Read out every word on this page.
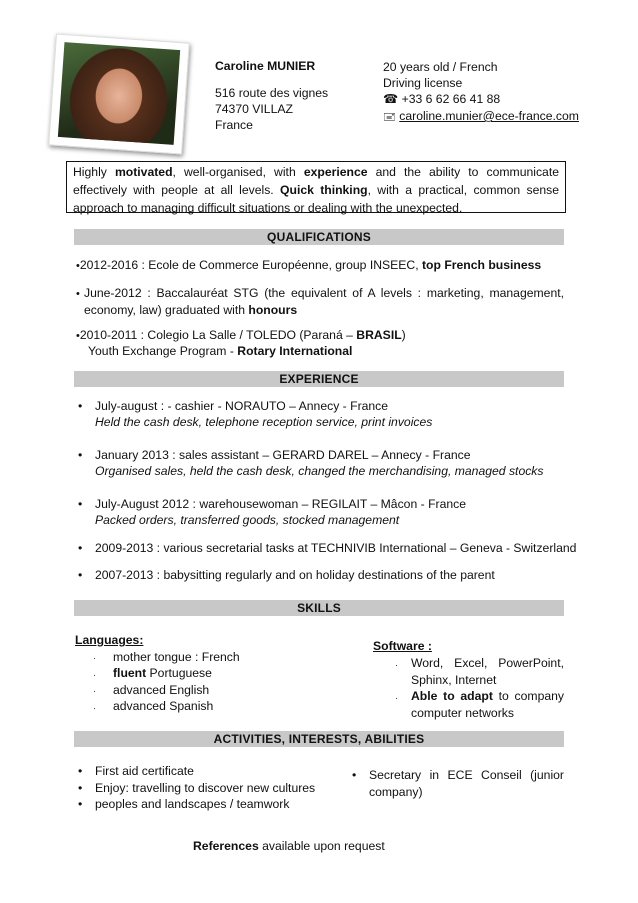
Caroline MUNIER
516 route des vignes
74370 VILLAZ
France
20 years old / French
Driving license
☎ +33 6 62 66 41 88
🖃 caroline.munier@ece-france.com
Highly motivated, well-organised, with experience and the ability to communicate effectively with people at all levels. Quick thinking, with a practical, common sense approach to managing difficult situations or dealing with the unexpected.
QUALIFICATIONS
•2012-2016 : Ecole de Commerce Européenne, group INSEEC, top French business
• June-2012 : Baccalauréat STG (the equivalent of A levels : marketing, management, economy, law) graduated with honours
•2010-2011 : Colegio La Salle / TOLEDO (Paraná – BRASIL)
Youth Exchange Program - Rotary International
EXPERIENCE
• July-august : - cashier - NORAUTO – Annecy - France
Held the cash desk, telephone reception service, print invoices
• January 2013 : sales assistant – GERARD DAREL – Annecy - France
Organised sales, held the cash desk, changed the merchandising, managed stocks
• July-August 2012 : warehousewoman – REGILAIT – Mâcon - France
Packed orders, transferred goods, stocked management
• 2009-2013 : various secretarial tasks at TECHNIVIB International – Geneva - Switzerland
• 2007-2013 : babysitting regularly and on holiday destinations of the parent
SKILLS
Languages:
· mother tongue : French
· fluent Portuguese
· advanced English
· advanced Spanish
Software :
· Word, Excel, PowerPoint, Sphinx, Internet
· Able to adapt to company computer networks
ACTIVITIES, INTERESTS, ABILITIES
• First aid certificate
• Enjoy: travelling to discover new cultures
• peoples and landscapes / teamwork
• Secretary in ECE Conseil (junior company)
References available upon request
